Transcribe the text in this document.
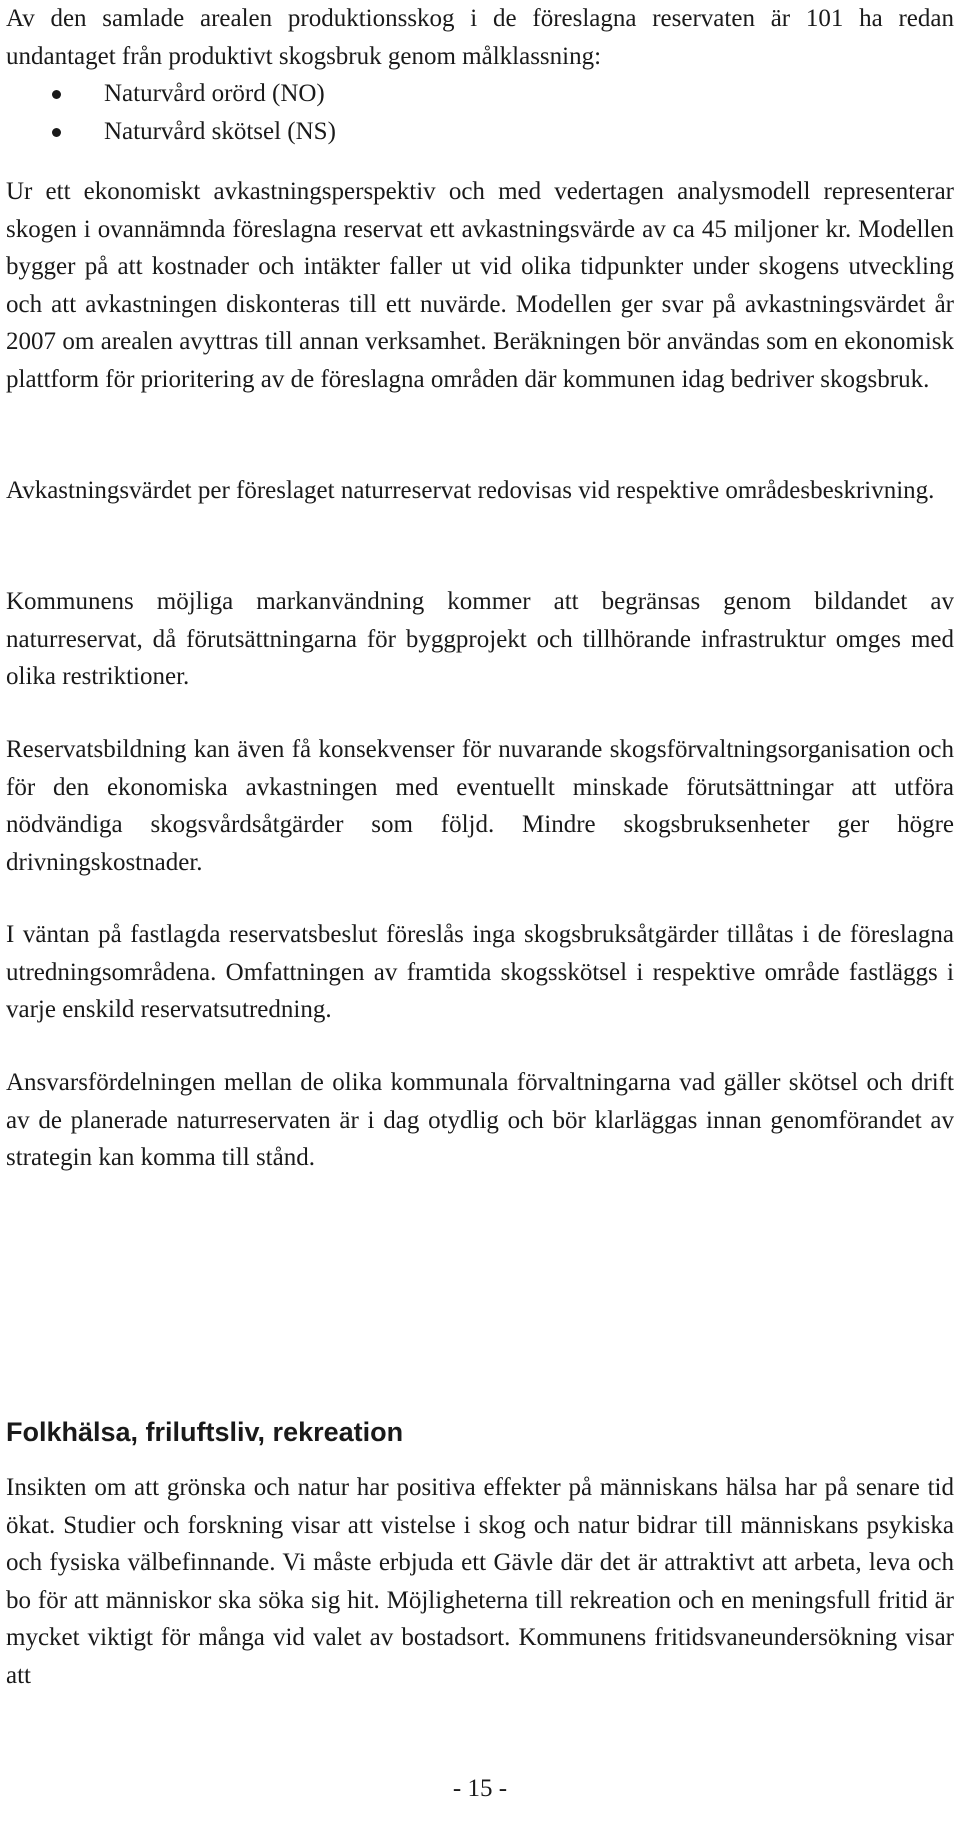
Av den samlade arealen produktionsskog i de föreslagna reservaten är 101 ha redan undantaget från produktivt skogsbruk genom målklassning:

Naturvård orörd (NO)
Naturvård skötsel (NS)

Ur ett ekonomiskt avkastningsperspektiv och med vedertagen analysmodell representerar skogen i ovannämnda föreslagna reservat ett avkastningsvärde av ca 45 miljoner kr. Modellen bygger på att kostnader och intäkter faller ut vid olika tidpunkter under skogens utveckling och att avkastningen diskonteras till ett nuvärde. Modellen ger svar på avkastningsvärdet år 2007 om arealen avyttras till annan verksamhet. Beräkningen bör användas som en ekonomisk plattform för prioritering av de föreslagna områden där kommunen idag bedriver skogsbruk.

Avkastningsvärdet per föreslaget naturreservat redovisas vid respektive områdesbeskrivning.

Kommunens möjliga markanvändning kommer att begränsas genom bildandet av naturreservat, då förutsättningarna för byggprojekt och tillhörande infrastruktur omges med olika restriktioner.

Reservatsbildning kan även få konsekvenser för nuvarande skogsförvaltningsorganisation och för den ekonomiska avkastningen med eventuellt minskade förutsättningar att utföra nödvändiga skogsvårdsåtgärder som följd. Mindre skogsbruksenheter ger högre drivningskostnader.

I väntan på fastlagda reservatsbeslut föreslås inga skogsbruksåtgärder tillåtas i de föreslagna utredningsområdena. Omfattningen av framtida skogsskötsel i respektive område fastläggs i varje enskild reservatsutredning.

Ansvarsfördelningen mellan de olika kommunala förvaltningarna vad gäller skötsel och drift av de planerade naturreservaten är i dag otydlig och bör klarläggas innan genomförandet av strategin kan komma till stånd.

Folkhälsa, friluftsliv, rekreation

Insikten om att grönska och natur har positiva effekter på människans hälsa har på senare tid ökat. Studier och forskning visar att vistelse i skog och natur bidrar till människans psykiska och fysiska välbefinnande. Vi måste erbjuda ett Gävle där det är attraktivt att arbeta, leva och bo för att människor ska söka sig hit. Möjligheterna till rekreation och en meningsfull fritid är mycket viktigt för många vid valet av bostadsort. Kommunens fritidsvaneundersökning visar att

- 15 -
